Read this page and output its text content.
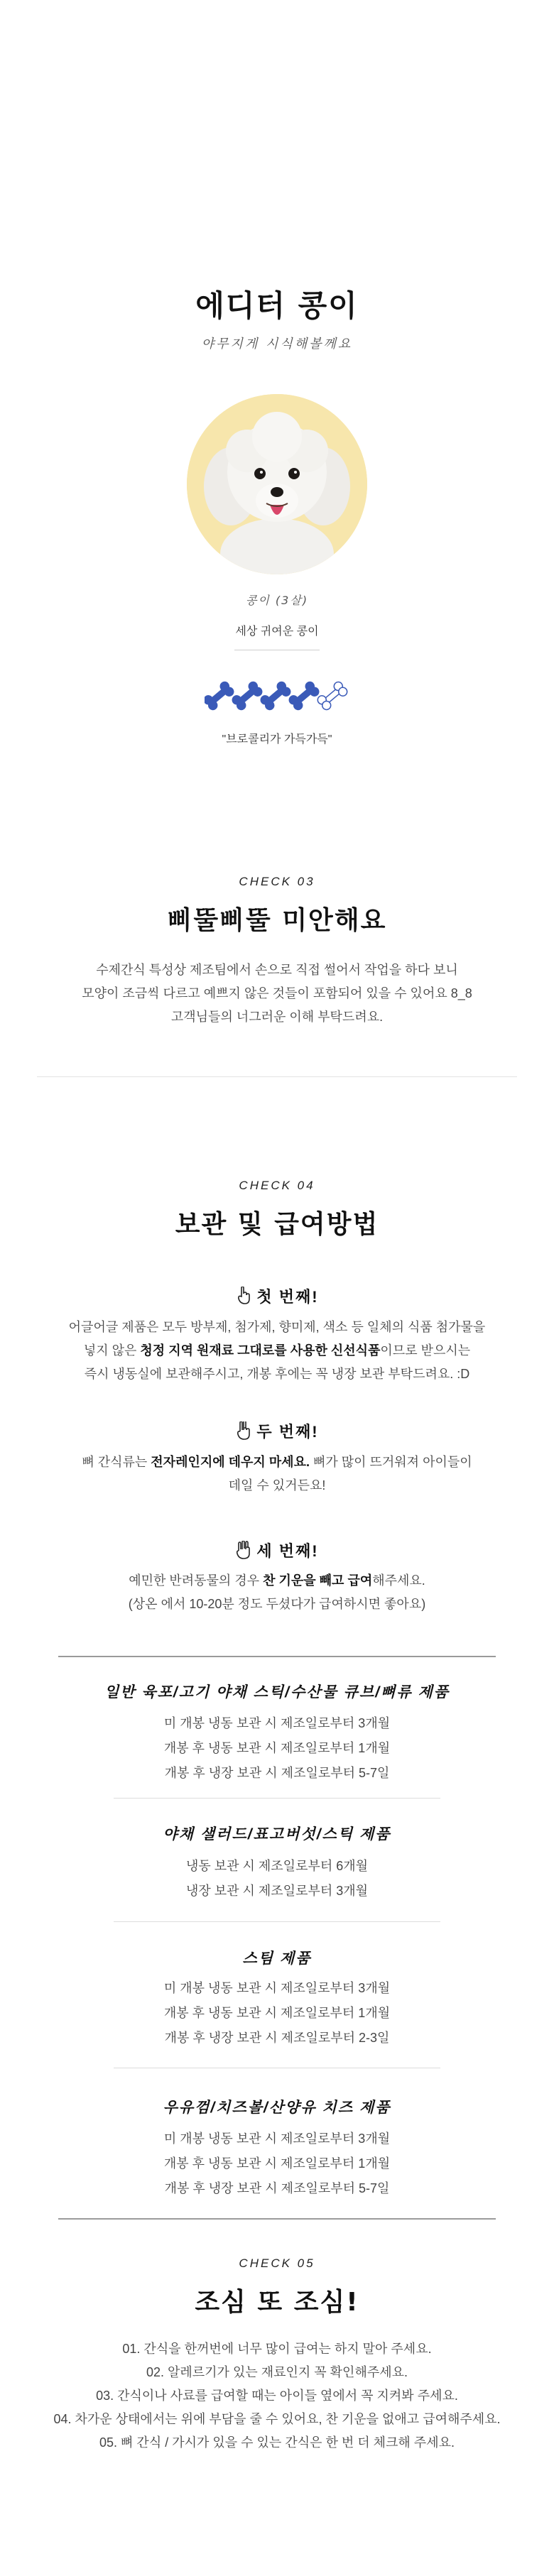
에디터 콩이
야무지게 시식해볼께요
콩이 (3살)
세상 귀여운 콩이
"브로콜리가 가득가득"
CHECK 03
삐뚤삐뚤 미안해요
수제간식 특성상 제조팀에서 손으로 직접 썰어서 작업을 하다 보니
모양이 조금씩 다르고 예쁘지 않은 것들이 포함되어 있을 수 있어요 8_8
고객님들의 너그러운 이해 부탁드려요.
CHECK 04
보관 및 급여방법
첫 번째!
어글어글 제품은 모두 방부제, 첨가제, 향미제, 색소 등 일체의 식품 첨가물을
넣지 않은 청정 지역 원재료 그대로를 사용한 신선식품이므로 받으시는
즉시 냉동실에 보관해주시고, 개봉 후에는 꼭 냉장 보관 부탁드려요. :D
두 번째!
뼈 간식류는 전자레인지에 데우지 마세요. 뼈가 많이 뜨거워져 아이들이
데일 수 있거든요!
세 번째!
예민한 반려동물의 경우 찬 기운을 빼고 급여해주세요.
(상온 에서 10-20분 정도 두셨다가 급여하시면 좋아요)
일반 육포/고기 야채 스틱/수산물 큐브/뼈류 제품
미 개봉 냉동 보관 시 제조일로부터 3개월
개봉 후 냉동 보관 시 제조일로부터 1개월
개봉 후 냉장 보관 시 제조일로부터 5-7일
야채 샐러드/표고버섯/스틱 제품
냉동 보관 시 제조일로부터 6개월
냉장 보관 시 제조일로부터 3개월
스팀 제품
미 개봉 냉동 보관 시 제조일로부터 3개월
개봉 후 냉동 보관 시 제조일로부터 1개월
개봉 후 냉장 보관 시 제조일로부터 2-3일
우유껌/치즈볼/산양유 치즈 제품
미 개봉 냉동 보관 시 제조일로부터 3개월
개봉 후 냉동 보관 시 제조일로부터 1개월
개봉 후 냉장 보관 시 제조일로부터 5-7일
CHECK 05
조심 또 조심!
01. 간식을 한꺼번에 너무 많이 급여는 하지 말아 주세요.
02. 알레르기가 있는 재료인지 꼭 확인해주세요.
03. 간식이나 사료를 급여할 때는 아이들 옆에서 꼭 지켜봐 주세요.
04. 차가운 상태에서는 위에 부담을 줄 수 있어요, 찬 기운을 없애고 급여해주세요.
05. 뼈 간식 / 가시가 있을 수 있는 간식은 한 번 더 체크해 주세요.
